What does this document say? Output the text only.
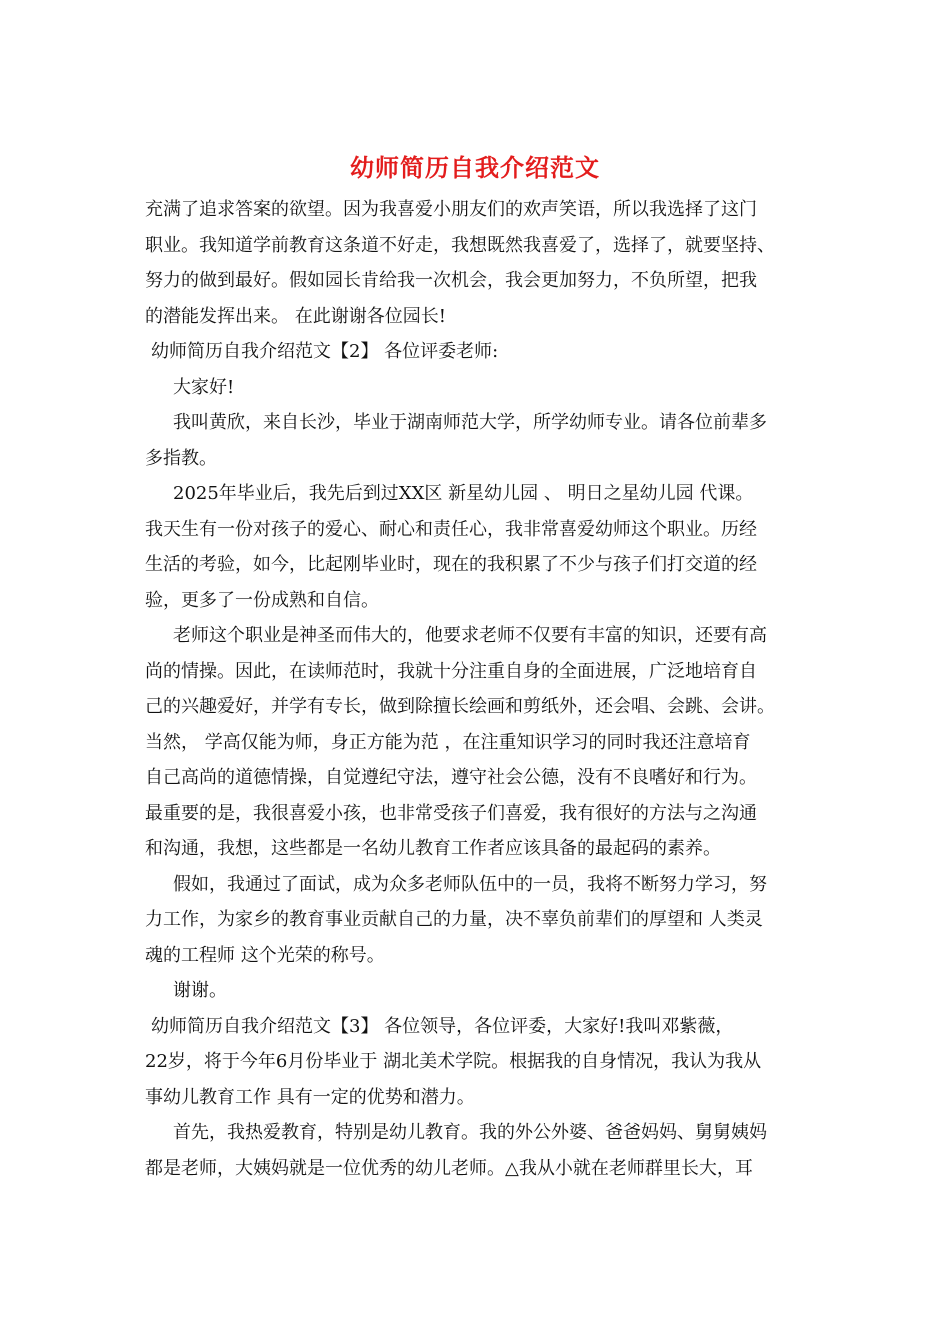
幼师简历自我介绍范文
充满了追求答案的欲望。因为我喜爱小朋友们的欢声笑语，所以我选择了这门
职业。我知道学前教育这条道不好走，我想既然我喜爱了，选择了，就要坚持、
努力的做到最好。假如园长肯给我一次机会，我会更加努力，不负所望，把我
的潜能发挥出来。 在此谢谢各位园长!
幼师简历自我介绍范文【2】 各位评委老师:
大家好!
我叫黄欣，来自长沙，毕业于湖南师范大学，所学幼师专业。请各位前辈多
多指教。
2025年毕业后，我先后到过XX区 新星幼儿园 、 明日之星幼儿园 代课。
我天生有一份对孩子的爱心、耐心和责任心，我非常喜爱幼师这个职业。历经
生活的考验，如今，比起刚毕业时，现在的我积累了不少与孩子们打交道的经
验，更多了一份成熟和自信。
老师这个职业是神圣而伟大的，他要求老师不仅要有丰富的知识，还要有高
尚的情操。因此，在读师范时，我就十分注重自身的全面进展，广泛地培育自
己的兴趣爱好，并学有专长，做到除擅长绘画和剪纸外，还会唱、会跳、会讲。
当然， 学高仅能为师，身正方能为范 ，在注重知识学习的同时我还注意培育
自己高尚的道德情操，自觉遵纪守法，遵守社会公德，没有不良嗜好和行为。
最重要的是，我很喜爱小孩，也非常受孩子们喜爱，我有很好的方法与之沟通
和沟通，我想，这些都是一名幼儿教育工作者应该具备的最起码的素养。
假如，我通过了面试，成为众多老师队伍中的一员，我将不断努力学习，努
力工作，为家乡的教育事业贡献自己的力量，决不辜负前辈们的厚望和 人类灵
魂的工程师 这个光荣的称号。
谢谢。
幼师简历自我介绍范文【3】 各位领导，各位评委，大家好!我叫邓紫薇，
22岁，将于今年6月份毕业于 湖北美术学院。根据我的自身情况，我认为我从
事幼儿教育工作 具有一定的优势和潜力。
首先，我热爱教育，特别是幼儿教育。我的外公外婆、爸爸妈妈、舅舅姨妈
都是老师，大姨妈就是一位优秀的幼儿老师。△我从小就在老师群里长大，耳
